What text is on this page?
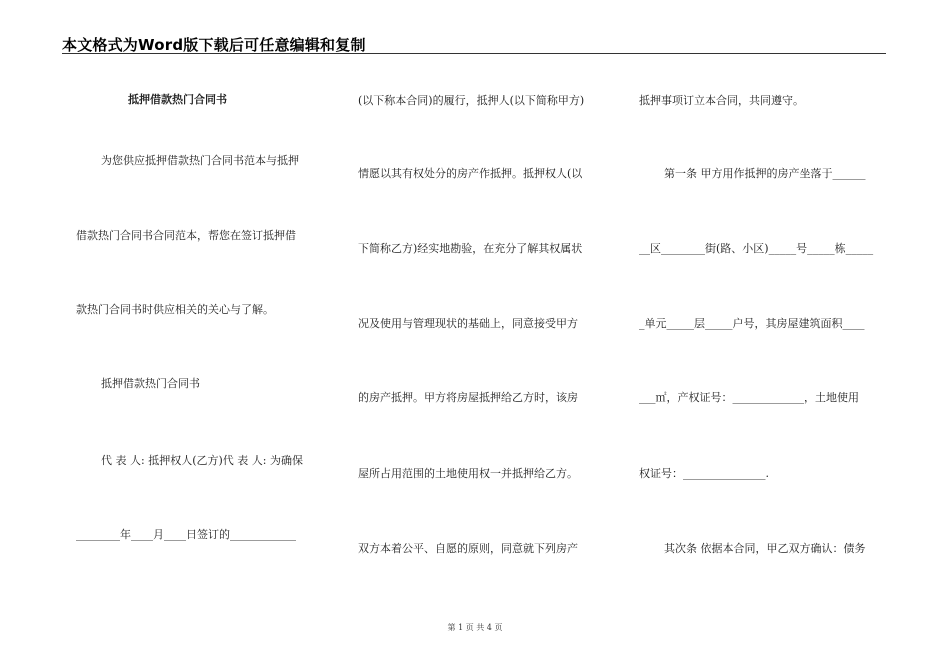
本文格式为Word版下载后可任意编辑和复制
抵押借款热门合同书
为您供应抵押借款热门合同书范本与抵押
借款热门合同书合同范本，帮您在签订抵押借
款热门合同书时供应相关的关心与了解。
抵押借款热门合同书
代 表 人: 抵押权人(乙方)代 表 人: 为确保
________年____月____日签订的____________
(以下称本合同)的履行，抵押人(以下简称甲方)
情愿以其有权处分的房产作抵押。抵押权人(以
下简称乙方)经实地勘验，在充分了解其权属状
况及使用与管理现状的基础上，同意接受甲方
的房产抵押。甲方将房屋抵押给乙方时，该房
屋所占用范围的土地使用权一并抵押给乙方。
双方本着公平、自愿的原则，同意就下列房产
抵押事项订立本合同，共同遵守。
第一条 甲方用作抵押的房产坐落于______
__区________街(路、小区)_____号_____栋_____
_单元_____层_____户号，其房屋建筑面积____
___㎡，产权证号：_____________，土地使用
权证号：_______________.
其次条 依据本合同，甲乙双方确认：债务
第 1 页 共 4 页
